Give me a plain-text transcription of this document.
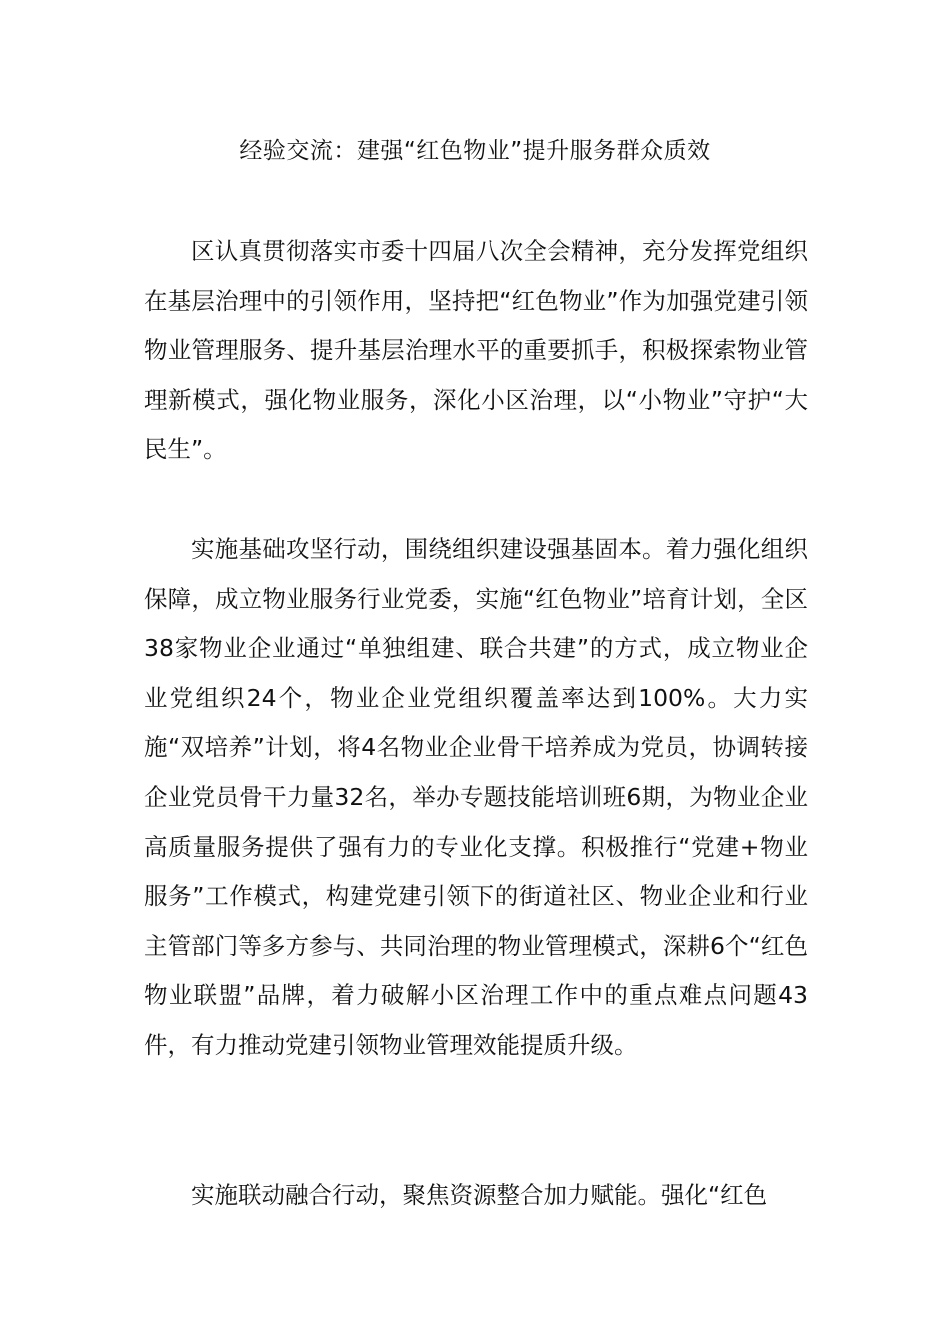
经验交流：建强“红色物业”提升服务群众质效

区认真贯彻落实市委十四届八次全会精神，充分发挥党组织在基层治理中的引领作用，坚持把“红色物业”作为加强党建引领物业管理服务、提升基层治理水平的重要抓手，积极探索物业管理新模式，强化物业服务，深化小区治理，以“小物业”守护“大民生”。

实施基础攻坚行动，围绕组织建设强基固本。着力强化组织保障，成立物业服务行业党委，实施“红色物业”培育计划，全区38家物业企业通过“单独组建、联合共建”的方式，成立物业企业党组织24个，物业企业党组织覆盖率达到100%。大力实施“双培养”计划，将4名物业企业骨干培养成为党员，协调转接企业党员骨干力量32名，举办专题技能培训班6期，为物业企业高质量服务提供了强有力的专业化支撑。积极推行“党建+物业服务”工作模式，构建党建引领下的街道社区、物业企业和行业主管部门等多方参与、共同治理的物业管理模式，深耕6个“红色物业联盟”品牌，着力破解小区治理工作中的重点难点问题43件，有力推动党建引领物业管理效能提质升级。

实施联动融合行动，聚焦资源整合加力赋能。强化“红色
